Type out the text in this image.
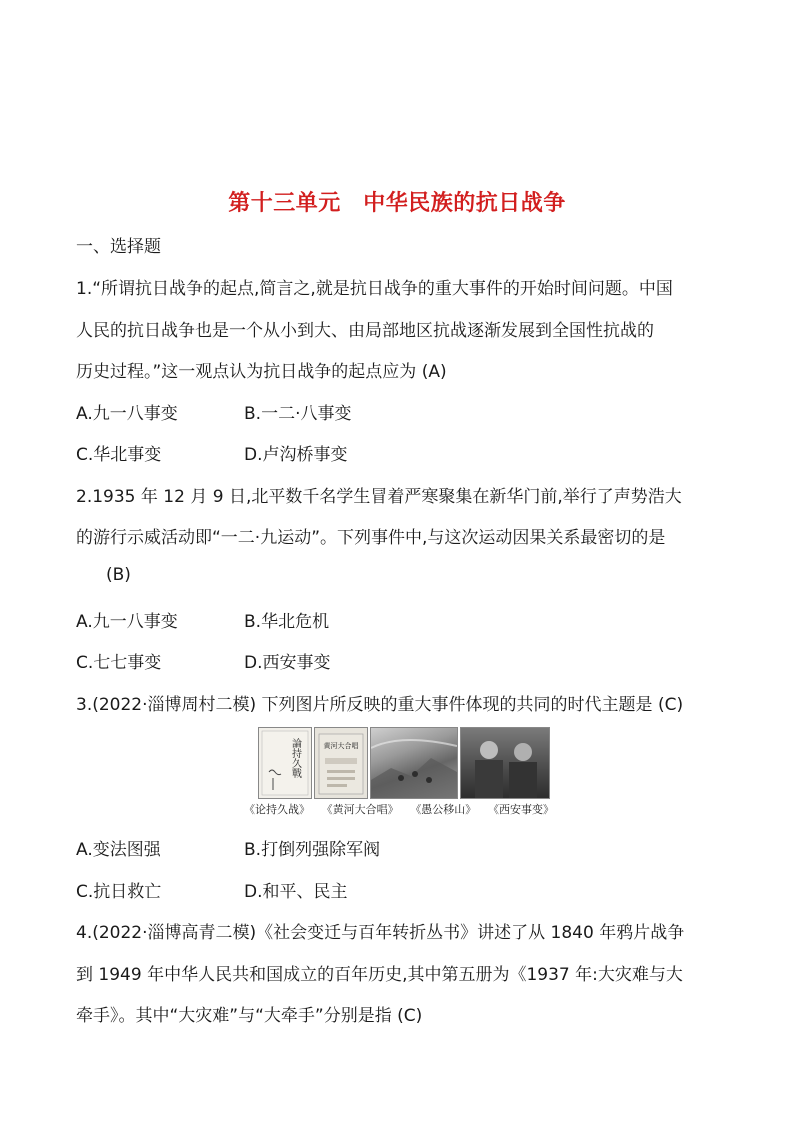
第十三单元　中华民族的抗日战争
一、选择题
1.“所谓抗日战争的起点,简言之,就是抗日战争的重大事件的开始时间问题。中国
人民的抗日战争也是一个从小到大、由局部地区抗战逐渐发展到全国性抗战的
历史过程。”这一观点认为抗日战争的起点应为 (A)
A.九一八事变	B.一二·八事变
C.华北事变	D.卢沟桥事变
2.1935 年 12 月 9 日,北平数千名学生冒着严寒聚集在新华门前,举行了声势浩大
的游行示威活动即“一二·九运动”。下列事件中,与这次运动因果关系最密切的是
(B)
A.九一八事变	B.华北危机
C.七七事变	D.西安事变
3.(2022·淄博周村二模) 下列图片所反映的重大事件体现的共同的时代主题是 (C)
論持久戰	黄河大合唱
《论持久战》 《黄河大合唱》 《愚公移山》 《西安事变》
A.变法图强	B.打倒列强除军阀
C.抗日救亡	D.和平、民主
4.(2022·淄博高青二模)《社会变迁与百年转折丛书》讲述了从 1840 年鸦片战争
到 1949 年中华人民共和国成立的百年历史,其中第五册为《1937 年:大灾难与大
牵手》。其中“大灾难”与“大牵手”分别是指 (C)
